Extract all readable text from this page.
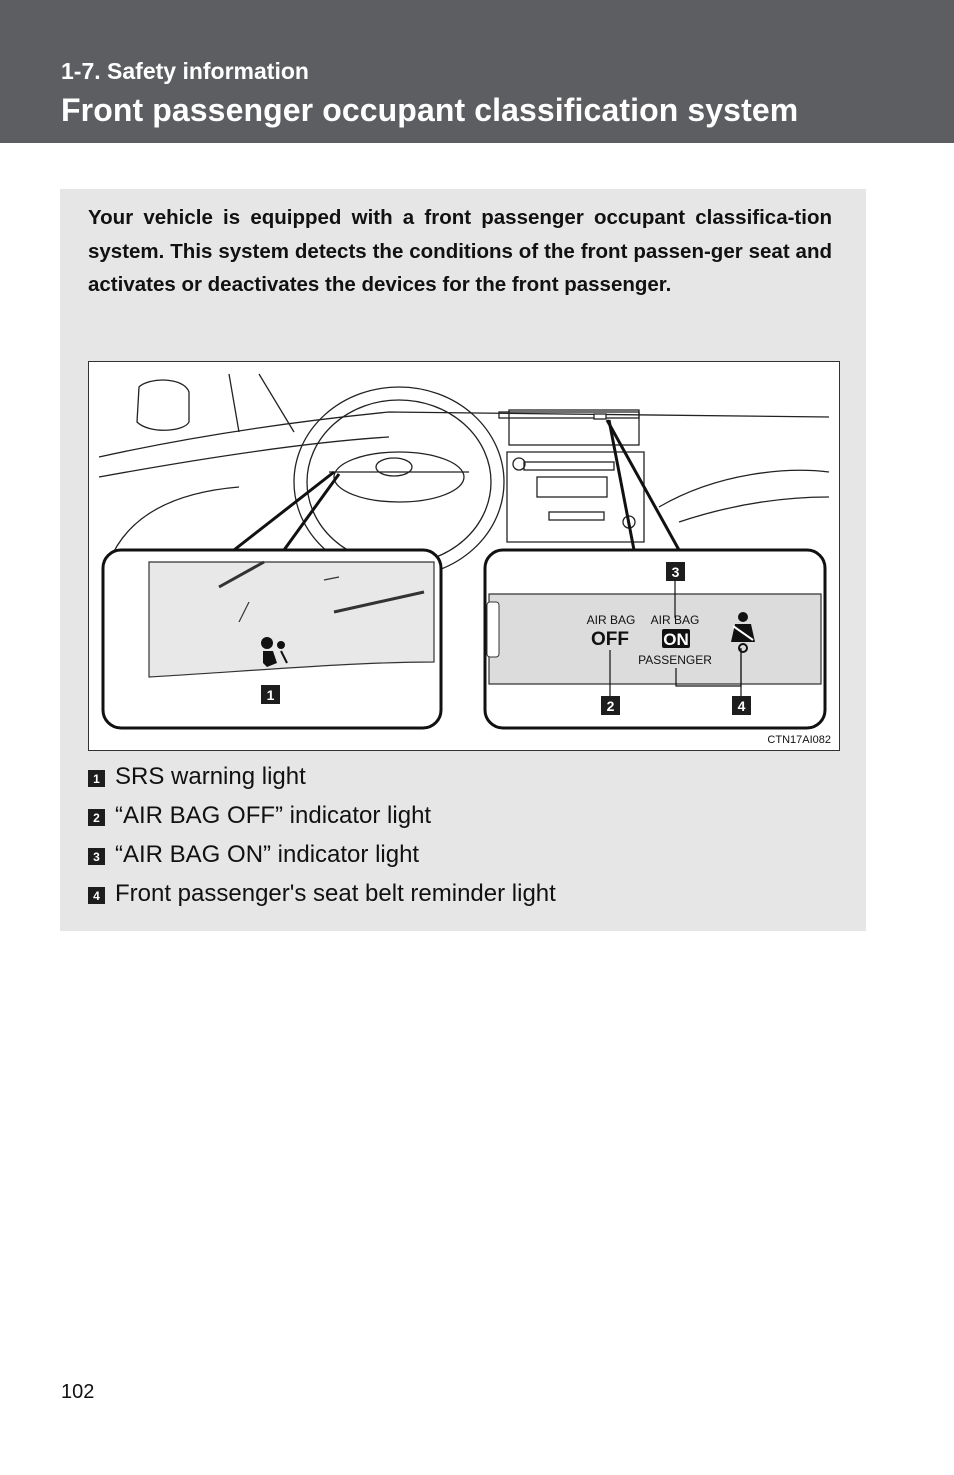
1-7. Safety information
Front passenger occupant classification system
Your vehicle is equipped with a front passenger occupant classifica-tion system. This system detects the conditions of the front passen-ger seat and activates or deactivates the devices for the front passenger.
AIR BAG
OFF
AIR BAG
ON
PASSENGER
1
2
3
4
CTN17AI082
1 SRS warning light
2 “AIR BAG OFF” indicator light
3 “AIR BAG ON” indicator light
4 Front passenger's seat belt reminder light
102
